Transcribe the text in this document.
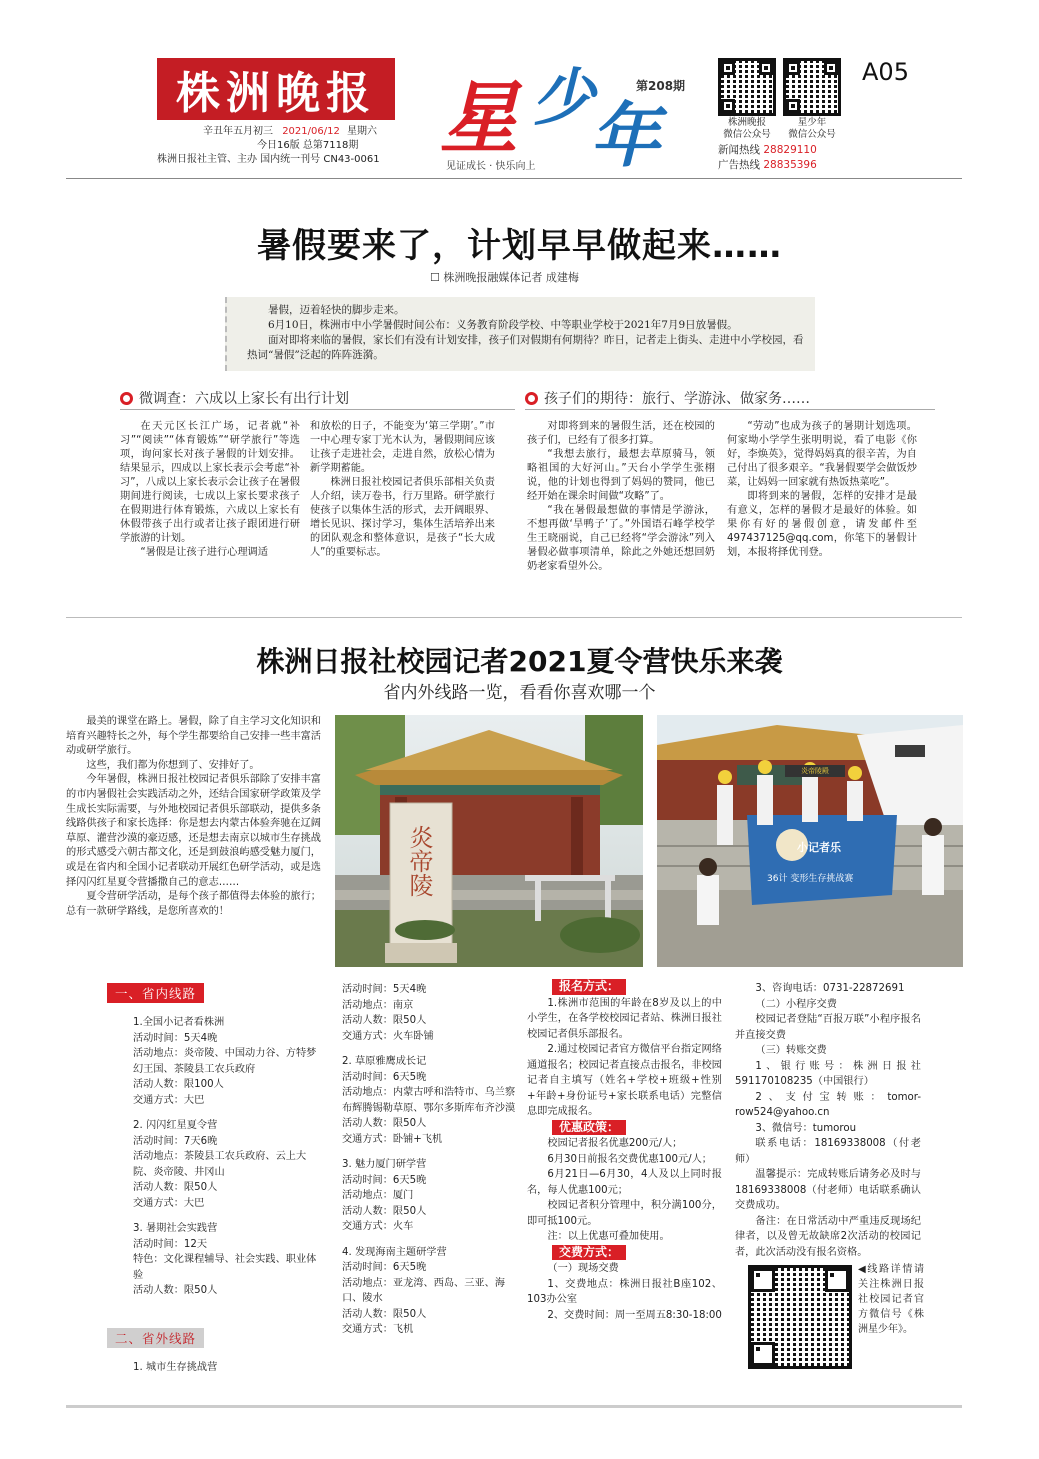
株洲晚报 星 少
年
第208期
见证成长 · 快乐向上
辛丑年五月初三 2021/06/12 星期六
今日16版 总第7118期
株洲日报社主管、主办 国内统一刊号 CN43-0061
株洲晚报
微信公众号
星少年
微信公众号
新闻热线 28829110
广告热线 28835396
A05
暑假要来了，计划早早做起来……
☐ 株洲晚报融媒体记者 成建梅

暑假，迈着轻快的脚步走来。

6月10日，株洲市中小学暑假时间公布：义务教育阶段学校、中等职业学校于2021年7月9日放暑假。

面对即将来临的暑假，家长们有没有计划安排，孩子们对假期有何期待？昨日，记者走上街头、走进中小学校园，看热词“暑假”泛起的阵阵涟漪。

微调查：六成以上家长有出行计划

在天元区长江广场，记者就“补习”“阅读”“体育锻炼”“研学旅行”等选项，询问家长对孩子暑假的计划安排。结果显示，四成以上家长表示会考虑“补习”，八成以上家长表示会让孩子在暑假期间进行阅读，七成以上家长要求孩子在假期进行体育锻炼，六成以上家长有休假带孩子出行或者让孩子跟团进行研学旅游的计划。

“暑假是让孩子进行心理调适

和放松的日子，不能变为‘第三学期’。”市一中心理专家丁光木认为，暑假期间应该让孩子走进社会，走进自然，放松心情为新学期蓄能。

株洲日报社校园记者俱乐部相关负责人介绍，读万卷书，行万里路。研学旅行使孩子以集体生活的形式，去开阔眼界、增长见识、探讨学习，集体生活培养出来的团队观念和整体意识，是孩子“长大成人”的重要标志。

孩子们的期待：旅行、学游泳、做家务……

对即将到来的暑假生活，还在校园的孩子们，已经有了很多打算。

“我想去旅行，最想去草原骑马，领略祖国的大好河山。”天台小学学生张栩说，他的计划也得到了妈妈的赞同，他已经开始在课余时间做“攻略”了。

“我在暑假最想做的事情是学游泳，不想再做‘旱鸭子’了。”外国语石峰学校学生王晓丽说，自己已经将“学会游泳”列入暑假必做事项清单，除此之外她还想回奶奶老家看望外公。

“劳动”也成为孩子的暑期计划选项。何家坳小学学生张明明说，看了电影《你好，李焕英》，觉得妈妈真的很辛苦，为自己付出了很多艰辛。“我暑假要学会做饭炒菜，让妈妈一回家就有热饭热菜吃”。

即将到来的暑假，怎样的安排才是最有意义，怎样的暑假才是最好的体验。如果你有好的暑假创意，请发邮件至 497437125@qq.com，你笔下的暑假计划，本报将择优刊登。

株洲日报社校园记者2021夏令营快乐来袭
省内外线路一览，看看你喜欢哪一个

最美的课堂在路上。暑假，除了自主学习文化知识和培育兴趣特长之外，每个学生都要给自己安排一些丰富活动或研学旅行。

这些，我们都为你想到了、安排好了。

今年暑假，株洲日报社校园记者俱乐部除了安排丰富的市内暑假社会实践活动之外，还结合国家研学政策及学生成长实际需要，与外地校园记者俱乐部联动，提供多条线路供孩子和家长选择：你是想去内蒙古体验奔驰在辽阔草原、灌营沙漠的豪迈感，还是想去南京以城市生存挑战的形式感受六朝古都文化，还是到鼓浪屿感受魅力厦门，或是在省内和全国小记者联动开展红色研学活动，或是选择闪闪红星夏令营播撒自己的意志……

夏令营研学活动，是每个孩子都值得去体验的旅行；总有一款研学路线，是您所喜欢的！

炎帝陵
炎帝陵殿
小记者乐
36计 变形生存挑战赛
一、省内线路
1.全国小记者看株洲
活动时间：5天4晚
活动地点：炎帝陵、中国动力谷、方特梦幻王国、茶陵县工农兵政府
活动人数：限100人
交通方式：大巴
2. 闪闪红星夏令营
活动时间：7天6晚
活动地点：茶陵县工农兵政府、云上大院、炎帝陵、井冈山
活动人数：限50人
交通方式：大巴
3. 暑期社会实践营
活动时间：12天
特色：文化课程辅导、社会实践、职业体验
活动人数：限50人
二、省外线路
1. 城市生存挑战营
活动时间：5天4晚
活动地点：南京
活动人数：限50人
交通方式：火车卧铺
2. 草原雅鹰成长记
活动时间：6天5晚
活动地点：内蒙古呼和浩特市、乌兰察布辉腾锡勒草原、鄂尔多斯库布齐沙漠
活动人数：限50人
交通方式：卧铺+飞机
3. 魅力厦门研学营
活动时间：6天5晚
活动地点：厦门
活动人数：限50人
交通方式：火车
4. 发现海南主题研学营
活动时间：6天5晚
活动地点：亚龙湾、西岛、三亚、海口、陵水
活动人数：限50人
交通方式：飞机
报名方式：

1.株洲市范围的年龄在8岁及以上的中小学生，在各学校校园记者站、株洲日报社校园记者俱乐部报名。

2.通过校园记者官方微信平台指定网络通道报名；校园记者直接点击报名，非校园记者自主填写（姓名+学校+班级+性别+年龄+身份证号+家长联系电话）完整信息即完成报名。

优惠政策：

校园记者报名优惠200元/人；

6月30日前报名交费优惠100元/人；

6月21日—6月30，4人及以上同时报名，每人优惠100元；

校园记者积分管理中，积分满100分，即可抵100元。

注：以上优惠可叠加使用。

交费方式：

（一）现场交费

1、交费地点：株洲日报社B座102、103办公室

2、交费时间：周一至周五8:30-18:00

3、咨询电话：0731-22872691

（二）小程序交费

校园记者登陆“百报万联”小程序报名并直接交费

（三）转账交费

1、银行账号：株洲日报社591170108235（中国银行）

2、支付宝转账：tomor-row524@yahoo.cn

3、微信号：tumorou

联系电话：18169338008（付老师）

温馨提示：完成转账后请务必及时与18169338008（付老师）电话联系确认交费成功。

备注：在日常活动中严重违反现场纪律者，以及曾无故缺席2次活动的校园记者，此次活动没有报名资格。

◀线路详情请关注株洲日报社校园记者官方微信号《株洲星少年》。
